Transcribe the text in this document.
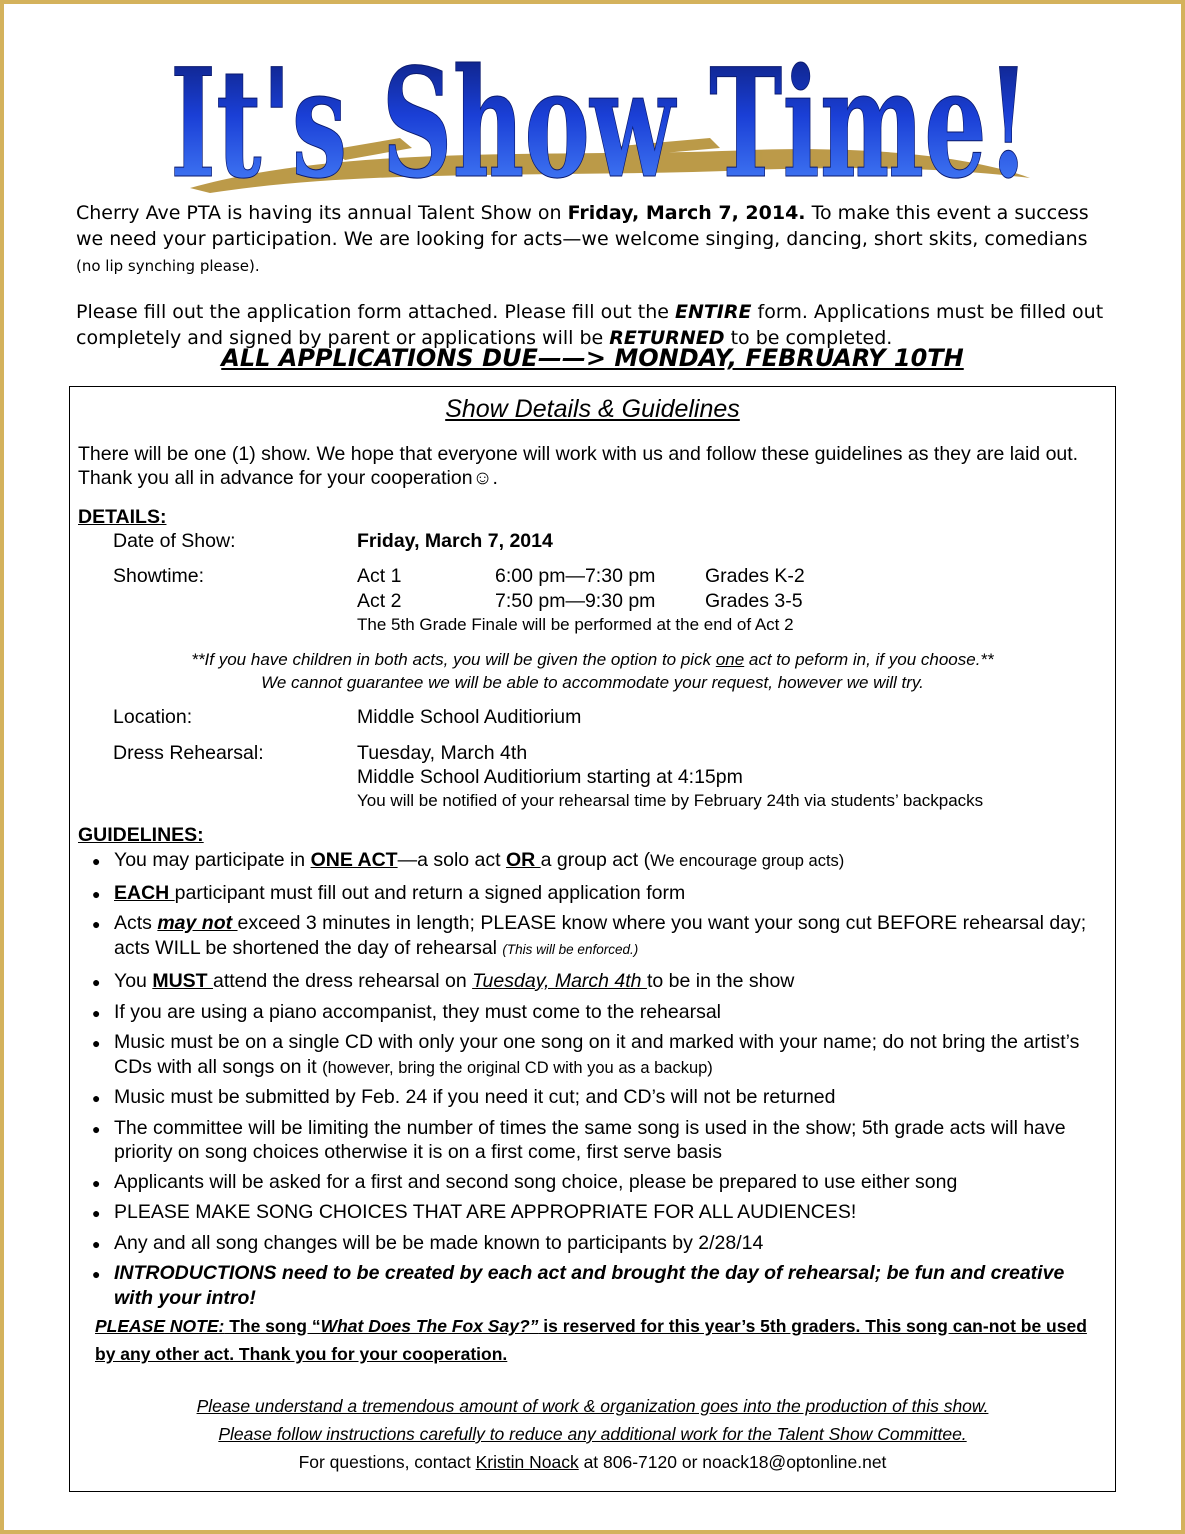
It's Show Time!

Cherry Ave PTA is having its annual Talent Show on Friday, March 7, 2014. To make this event a success we need your participation. We are looking for acts—we welcome singing, dancing, short skits, comedians (no lip synching please).

Please fill out the application form attached. Please fill out the ENTIRE form. Applications must be filled out completely and signed by parent or applications will be RETURNED to be completed.

ALL APPLICATIONS DUE——> MONDAY, FEBRUARY 10TH
Show Details & Guidelines
There will be one (1) show. We hope that everyone will work with us and follow these guidelines as they are laid out. Thank you all in advance for your cooperation☺.
DETAILS:
Date of Show:	Friday, March 7, 2014
Showtime:	Act 1	6:00 pm—7:30 pm	Grades K-2
Act 2	7:50 pm—9:30 pm	Grades 3-5
The 5th Grade Finale will be performed at the end of Act 2
**If you have children in both acts, you will be given the option to pick one act to peform in, if you choose.**
We cannot guarantee we will be able to accommodate your request, however we will try.
Location:	Middle School Auditiorium
Dress Rehearsal:	Tuesday, March 4th
Middle School Auditiorium starting at 4:15pm
You will be notified of your rehearsal time by February 24th via students’ backpacks
GUIDELINES:
● You may participate in ONE ACT—a solo act OR a group act (We encourage group acts)
● EACH participant must fill out and return a signed application form
● Acts may not exceed 3 minutes in length; PLEASE know where you want your song cut BEFORE rehearsal day; acts WILL be shortened the day of rehearsal (This will be enforced.)
● You MUST attend the dress rehearsal on Tuesday, March 4th to be in the show
● If you are using a piano accompanist, they must come to the rehearsal
● Music must be on a single CD with only your one song on it and marked with your name; do not bring the artist’s CDs with all songs on it (however, bring the original CD with you as a backup)
● Music must be submitted by Feb. 24 if you need it cut; and CD’s will not be returned
● The committee will be limiting the number of times the same song is used in the show; 5th grade acts will have priority on song choices otherwise it is on a first come, first serve basis
● Applicants will be asked for a first and second song choice, please be prepared to use either song
● PLEASE MAKE SONG CHOICES THAT ARE APPROPRIATE FOR ALL AUDIENCES!
● Any and all song changes will be be made known to participants by 2/28/14
● INTRODUCTIONS need to be created by each act and brought the day of rehearsal; be fun and creative with your intro!
PLEASE NOTE: The song “What Does The Fox Say?” is reserved for this year’s 5th graders. This song can-not be used by any other act. Thank you for your cooperation.
Please understand a tremendous amount of work & organization goes into the production of this show.
Please follow instructions carefully to reduce any additional work for the Talent Show Committee.
For questions, contact Kristin Noack at 806-7120 or noack18@optonline.net
